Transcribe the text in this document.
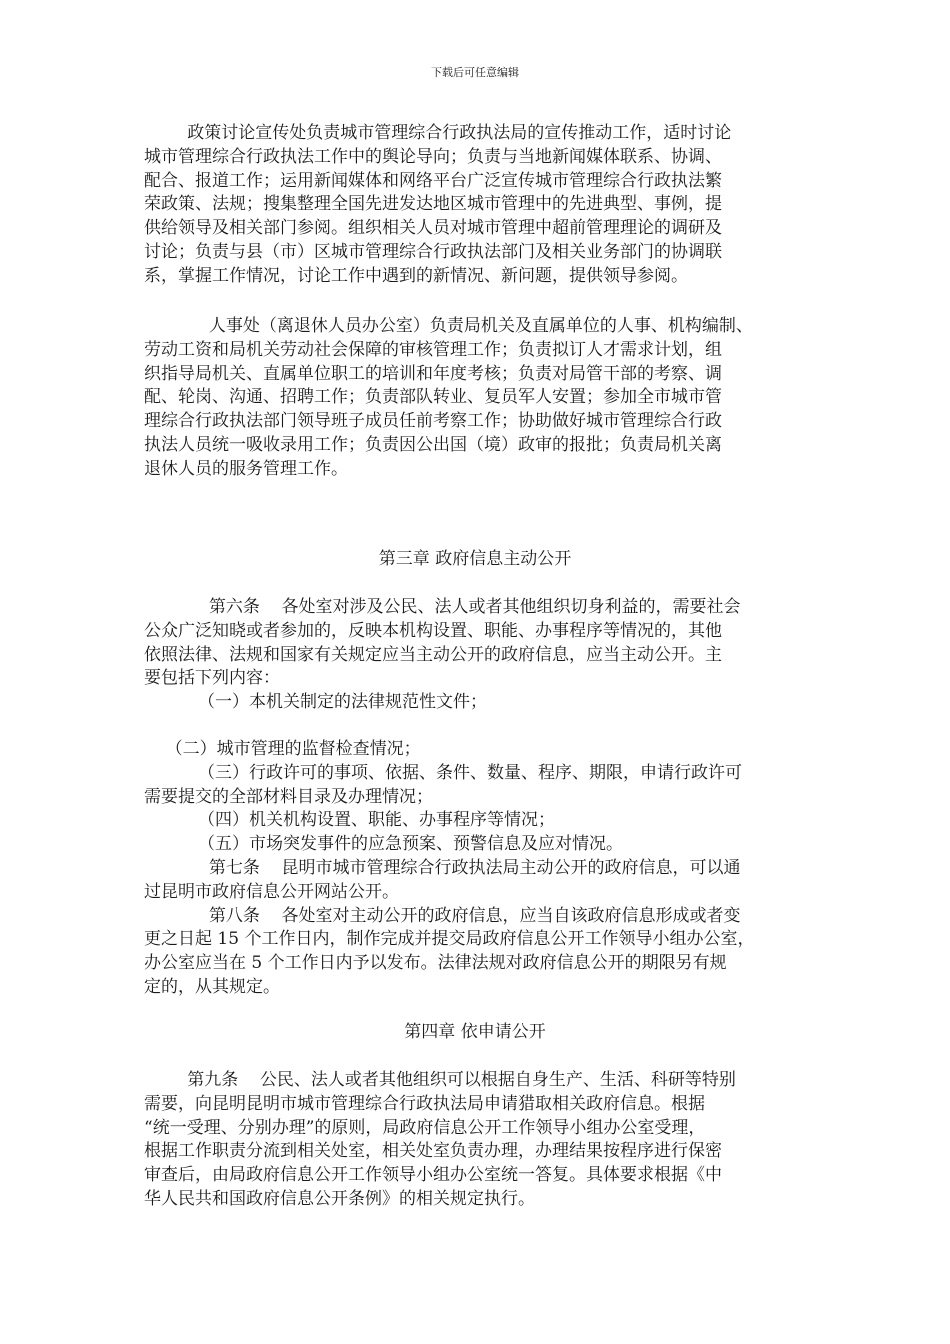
下载后可任意编辑

政策讨论宣传处负责城市管理综合行政执法局的宣传推动工作，适时讨论
城市管理综合行政执法工作中的舆论导向；负责与当地新闻媒体联系、协调、
配合、报道工作；运用新闻媒体和网络平台广泛宣传城市管理综合行政执法繁
荣政策、法规；搜集整理全国先进发达地区城市管理中的先进典型、事例，提
供给领导及相关部门参阅。组织相关人员对城市管理中超前管理理论的调研及
讨论；负责与县（市）区城市管理综合行政执法部门及相关业务部门的协调联
系，掌握工作情况，讨论工作中遇到的新情况、新问题，提供领导参阅。

人事处（离退休人员办公室）负责局机关及直属单位的人事、机构编制、
劳动工资和局机关劳动社会保障的审核管理工作；负责拟订人才需求计划，组
织指导局机关、直属单位职工的培训和年度考核；负责对局管干部的考察、调
配、轮岗、沟通、招聘工作；负责部队转业、复员军人安置；参加全市城市管
理综合行政执法部门领导班子成员任前考察工作；协助做好城市管理综合行政
执法人员统一吸收录用工作；负责因公出国（境）政审的报批；负责局机关离
退休人员的服务管理工作。

第三章 政府信息主动公开

第六条    各处室对涉及公民、法人或者其他组织切身利益的，需要社会
公众广泛知晓或者参加的，反映本机构设置、职能、办事程序等情况的，其他
依照法律、法规和国家有关规定应当主动公开的政府信息，应当主动公开。主
要包括下列内容：
（一）本机关制定的法律规范性文件；

（二）城市管理的监督检查情况；
（三）行政许可的事项、依据、条件、数量、程序、期限，申请行政许可
需要提交的全部材料目录及办理情况；
（四）机关机构设置、职能、办事程序等情况；
（五）市场突发事件的应急预案、预警信息及应对情况。
第七条    昆明市城市管理综合行政执法局主动公开的政府信息，可以通
过昆明市政府信息公开网站公开。
第八条    各处室对主动公开的政府信息，应当自该政府信息形成或者变
更之日起 15 个工作日内，制作完成并提交局政府信息公开工作领导小组办公室，
办公室应当在 5 个工作日内予以发布。法律法规对政府信息公开的期限另有规
定的，从其规定。

第四章 依申请公开

第九条    公民、法人或者其他组织可以根据自身生产、生活、科研等特别
需要，向昆明昆明市城市管理综合行政执法局申请猎取相关政府信息。根据
“统一受理、分别办理”的原则，局政府信息公开工作领导小组办公室受理，
根据工作职责分流到相关处室，相关处室负责办理，办理结果按程序进行保密
审查后，由局政府信息公开工作领导小组办公室统一答复。具体要求根据《中
华人民共和国政府信息公开条例》的相关规定执行。
